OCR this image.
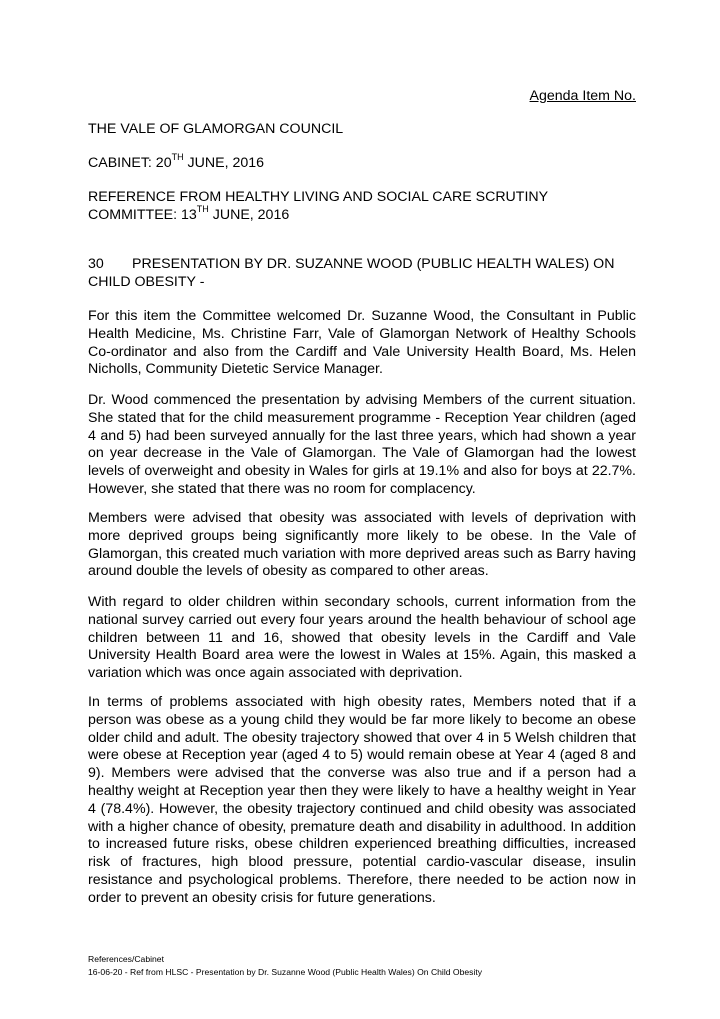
Agenda Item No.
THE VALE OF GLAMORGAN COUNCIL
CABINET: 20TH JUNE, 2016
REFERENCE FROM HEALTHY LIVING AND SOCIAL CARE SCRUTINY
COMMITTEE: 13TH JUNE, 2016
30 PRESENTATION BY DR. SUZANNE WOOD (PUBLIC HEALTH WALES) ON
CHILD OBESITY -

For this item the Committee welcomed Dr. Suzanne Wood, the Consultant in Public Health Medicine, Ms. Christine Farr, Vale of Glamorgan Network of Healthy Schools Co-ordinator and also from the Cardiff and Vale University Health Board, Ms. Helen Nicholls, Community Dietetic Service Manager.

Dr. Wood commenced the presentation by advising Members of the current situation. She stated that for the child measurement programme - Reception Year children (aged 4 and 5) had been surveyed annually for the last three years, which had shown a year on year decrease in the Vale of Glamorgan. The Vale of Glamorgan had the lowest levels of overweight and obesity in Wales for girls at 19.1% and also for boys at 22.7%. However, she stated that there was no room for complacency.

Members were advised that obesity was associated with levels of deprivation with more deprived groups being significantly more likely to be obese. In the Vale of Glamorgan, this created much variation with more deprived areas such as Barry having around double the levels of obesity as compared to other areas.

With regard to older children within secondary schools, current information from the national survey carried out every four years around the health behaviour of school age children between 11 and 16, showed that obesity levels in the Cardiff and Vale University Health Board area were the lowest in Wales at 15%. Again, this masked a variation which was once again associated with deprivation.

In terms of problems associated with high obesity rates, Members noted that if a person was obese as a young child they would be far more likely to become an obese older child and adult. The obesity trajectory showed that over 4 in 5 Welsh children that were obese at Reception year (aged 4 to 5) would remain obese at Year 4 (aged 8 and 9). Members were advised that the converse was also true and if a person had a healthy weight at Reception year then they were likely to have a healthy weight in Year 4 (78.4%). However, the obesity trajectory continued and child obesity was associated with a higher chance of obesity, premature death and disability in adulthood. In addition to increased future risks, obese children experienced breathing difficulties, increased risk of fractures, high blood pressure, potential cardio-vascular disease, insulin resistance and psychological problems. Therefore, there needed to be action now in order to prevent an obesity crisis for future generations.

References/Cabinet
16-06-20 - Ref from HLSC - Presentation by Dr. Suzanne Wood (Public Health Wales) On Child Obesity
